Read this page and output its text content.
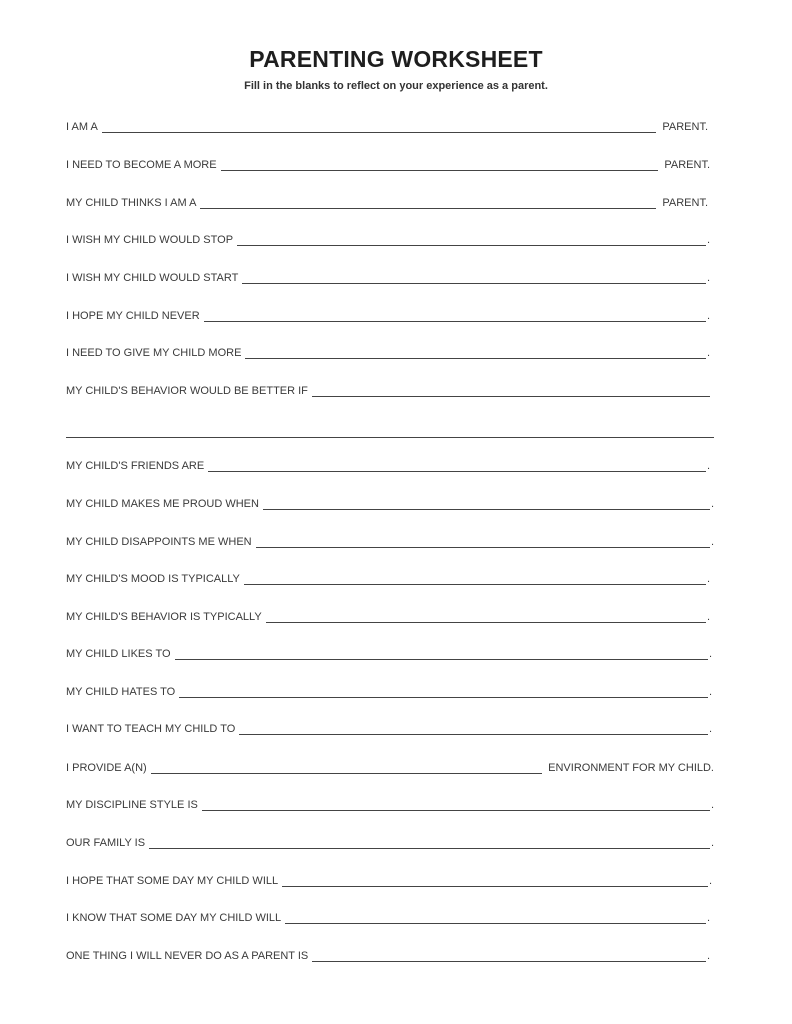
PARENTING WORKSHEET
Fill in the blanks to reflect on your experience as a parent.
I AM A	PARENT.
I NEED TO BECOME A MORE	PARENT.
MY CHILD THINKS I AM A	PARENT.
I WISH MY CHILD WOULD STOP	.
I WISH MY CHILD WOULD START	.
I HOPE MY CHILD NEVER	.
I NEED TO GIVE MY CHILD MORE	.
MY CHILD'S BEHAVIOR WOULD BE BETTER IF
MY CHILD'S FRIENDS ARE	.
MY CHILD MAKES ME PROUD WHEN	.
MY CHILD DISAPPOINTS ME WHEN	.
MY CHILD'S MOOD IS TYPICALLY	.
MY CHILD'S BEHAVIOR IS TYPICALLY	.
MY CHILD LIKES TO	.
MY CHILD HATES TO	.
I WANT TO TEACH MY CHILD TO	.
I PROVIDE A(N)	ENVIRONMENT FOR MY CHILD.
MY DISCIPLINE STYLE IS	.
OUR FAMILY IS	.
I HOPE THAT SOME DAY MY CHILD WILL	.
I KNOW THAT SOME DAY MY CHILD WILL	.
ONE THING I WILL NEVER DO AS A PARENT IS	.
